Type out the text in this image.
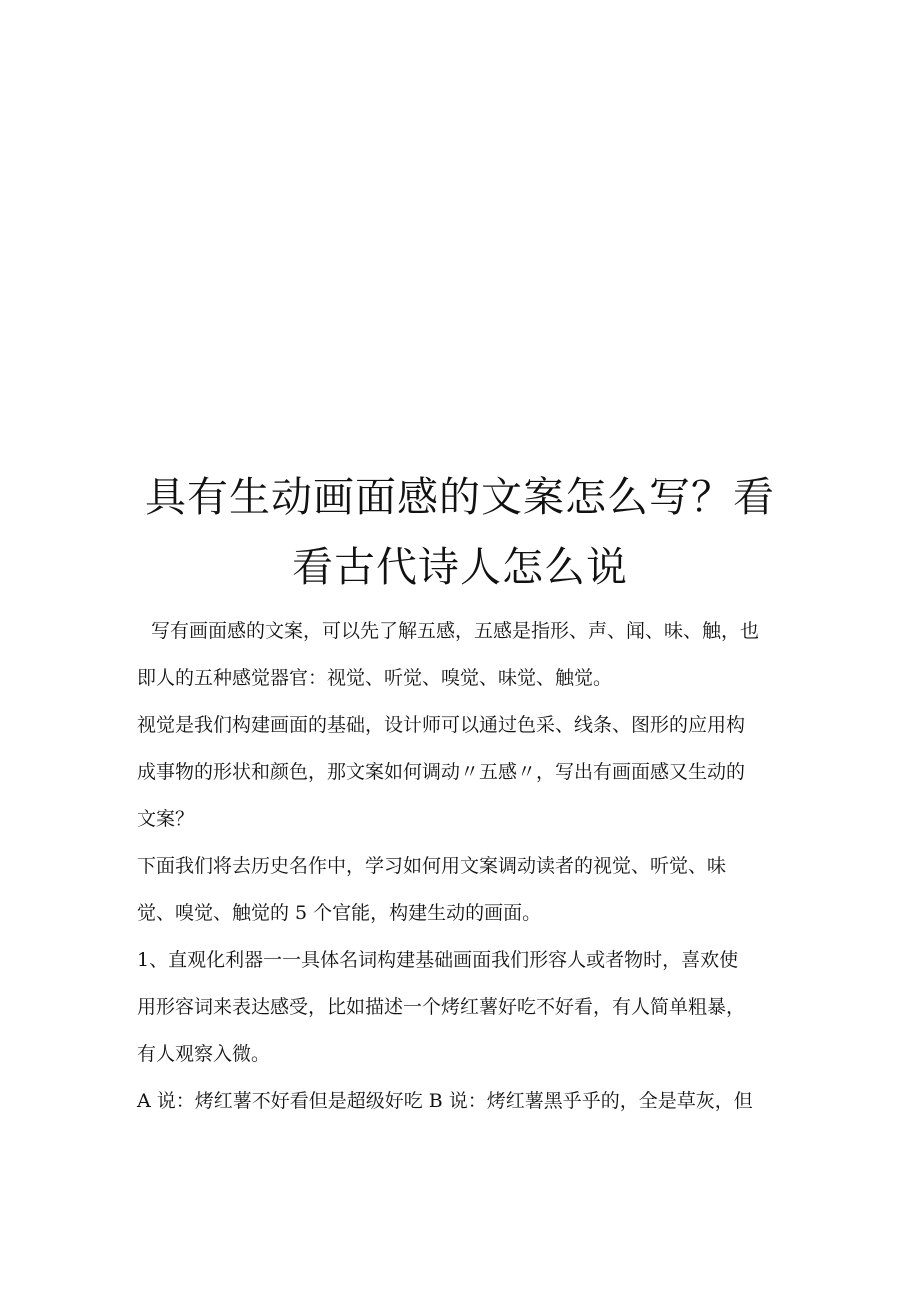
具有生动画面感的文案怎么写？看
看古代诗人怎么说
写有画面感的文案，可以先了解五感，五感是指形、声、闻、味、触，也
即人的五种感觉器官：视觉、听觉、嗅觉、味觉、触觉。
视觉是我们构建画面的基础，设计师可以通过色采、线条、图形的应用构
成事物的形状和颜色，那文案如何调动〃五感〃，写出有画面感又生动的
文案？
下面我们将去历史名作中，学习如何用文案调动读者的视觉、听觉、味
觉、嗅觉、触觉的 5 个官能，构建生动的画面。
1、直观化利器一一具体名词构建基础画面我们形容人或者物时，喜欢使
用形容词来表达感受，比如描述一个烤红薯好吃不好看，有人简单粗暴，
有人观察入微。
A 说：烤红薯不好看但是超级好吃 B 说：烤红薯黑乎乎的，全是草灰，但
